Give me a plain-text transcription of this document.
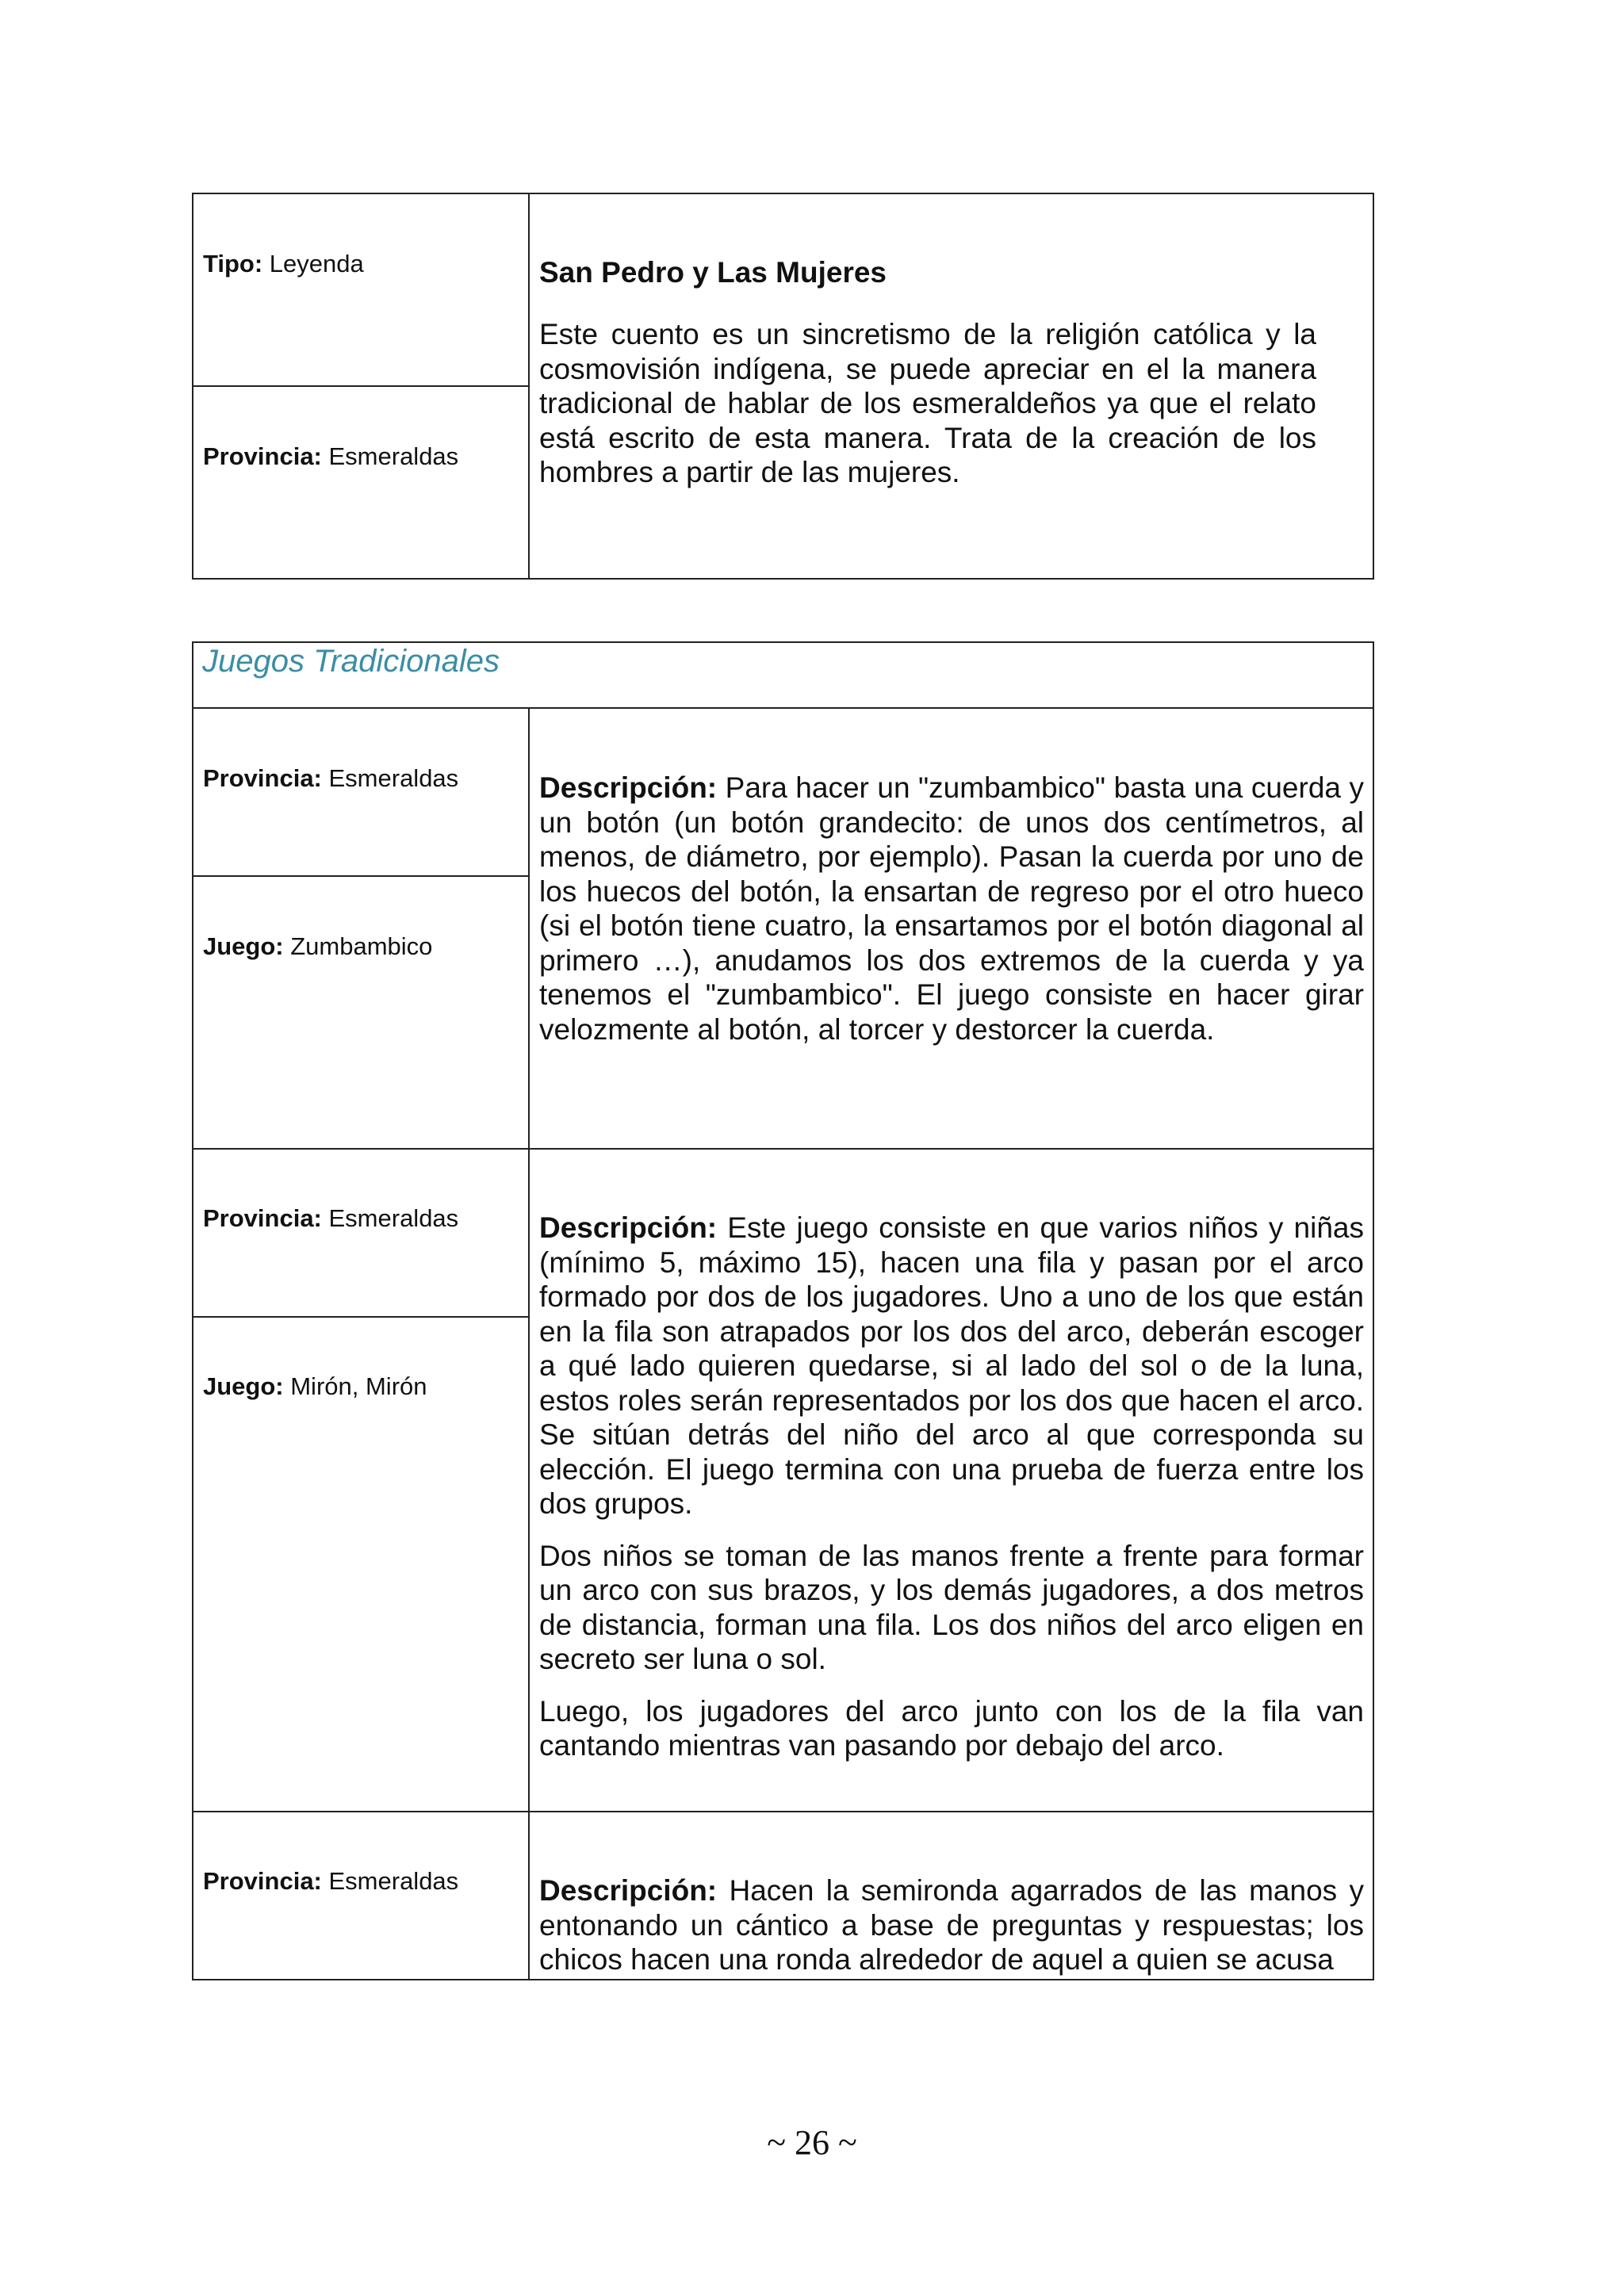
Tipo: Leyenda
Provincia: Esmeraldas
San Pedro y Las Mujeres
Este cuento es un sincretismo de la religión católica y la cosmovisión indígena, se puede apreciar en el la manera tradicional de hablar de los esmeraldeños ya que el relato está escrito de esta manera. Trata de la creación de los hombres a partir de las mujeres.
Juegos Tradicionales
Provincia: Esmeraldas
Juego: Zumbambico

Descripción: Para hacer un "zumbambico" basta una cuerda y un botón (un botón grandecito: de unos dos centímetros, al menos, de diámetro, por ejemplo). Pasan la cuerda por uno de los huecos del botón, la ensartan de regreso por el otro hueco (si el botón tiene cuatro, la ensartamos por el botón diagonal al primero …), anudamos los dos extremos de la cuerda y ya tenemos el "zumbambico". El juego consiste en hacer girar velozmente al botón, al torcer y destorcer la cuerda.

Provincia: Esmeraldas
Juego: Mirón, Mirón

Descripción: Este juego consiste en que varios niños y niñas (mínimo 5, máximo 15), hacen una fila y pasan por el arco formado por dos de los jugadores. Uno a uno de los que están en la fila son atrapados por los dos del arco, deberán escoger a qué lado quieren quedarse, si al lado del sol o de la luna, estos roles serán representados por los dos que hacen el arco. Se sitúan detrás del niño del arco al que corresponda su elección. El juego termina con una prueba de fuerza entre los dos grupos.

Dos niños se toman de las manos frente a frente para formar un arco con sus brazos, y los demás jugadores, a dos metros de distancia, forman una fila. Los dos niños del arco eligen en secreto ser luna o sol.

Luego, los jugadores del arco junto con los de la fila van cantando mientras van pasando por debajo del arco.

Provincia: Esmeraldas	Descripción: Hacen la semironda agarrados de las manos y entonando un cántico a base de preguntas y respuestas; los chicos hacen una ronda alrededor de aquel a quien se acusa

~ 26 ~
